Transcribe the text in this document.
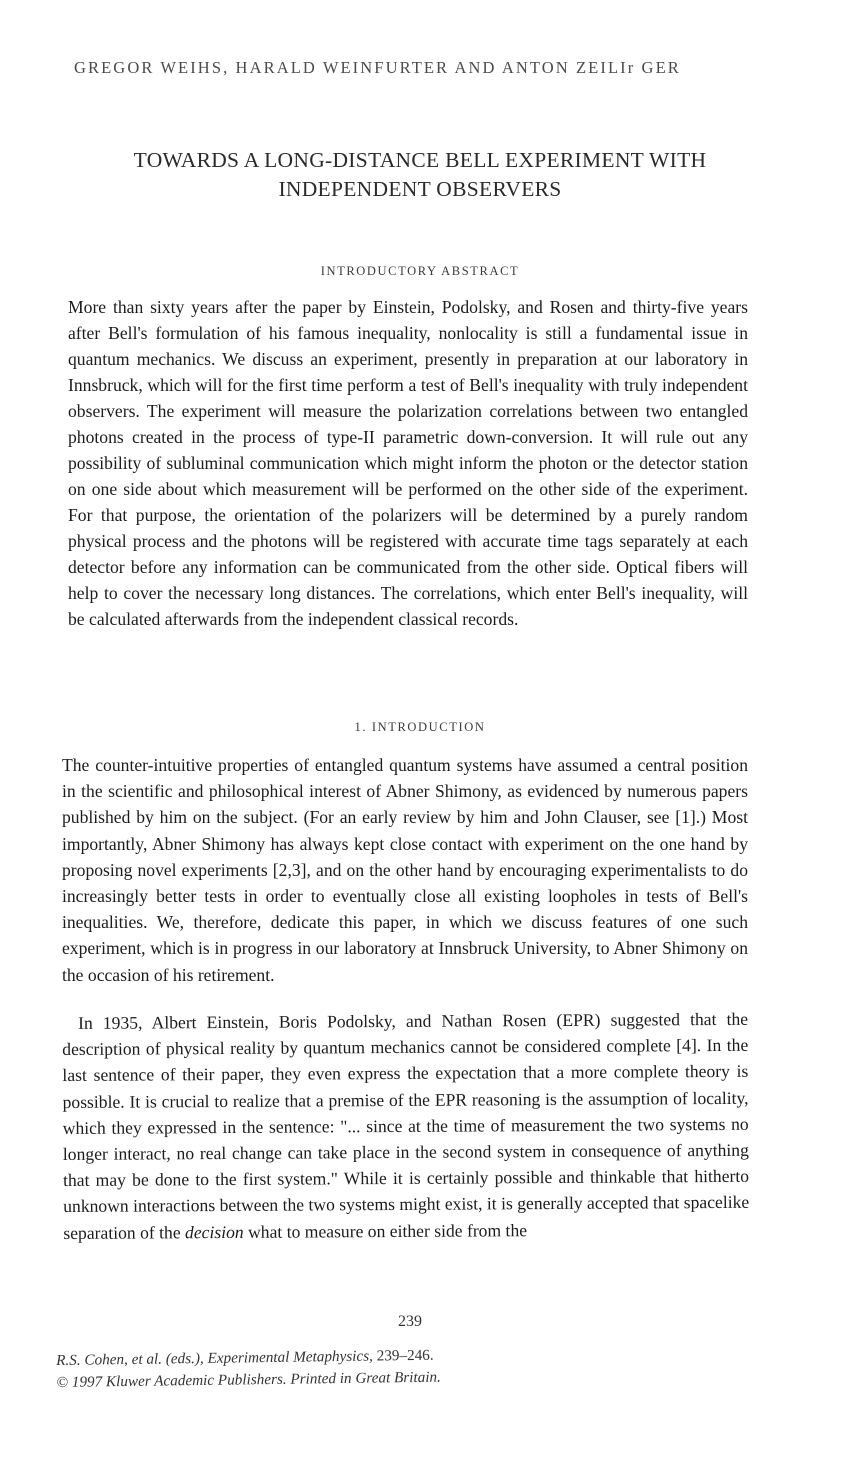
GREGOR WEIHS, HARALD WEINFURTER AND ANTON ZEILIr GER
TOWARDS A LONG-DISTANCE BELL EXPERIMENT WITH
INDEPENDENT OBSERVERS
INTRODUCTORY ABSTRACT

More than sixty years after the paper by Einstein, Podolsky, and Rosen and thirty-five years after Bell's formulation of his famous inequality, nonlocality is still a fundamental issue in quantum mechanics. We discuss an experiment, presently in preparation at our laboratory in Innsbruck, which will for the first time perform a test of Bell's inequality with truly independent observers. The experiment will measure the polarization correlations between two entangled photons created in the process of type-II parametric down-conversion. It will rule out any possibility of subluminal communication which might inform the photon or the detector station on one side about which measurement will be performed on the other side of the experiment. For that purpose, the orientation of the polarizers will be determined by a purely random physical process and the photons will be registered with accurate time tags separately at each detector before any information can be communicated from the other side. Optical fibers will help to cover the necessary long distances. The correlations, which enter Bell's inequality, will be calculated afterwards from the independent classical records.

1. INTRODUCTION

The counter-intuitive properties of entangled quantum systems have assumed a central position in the scientific and philosophical interest of Abner Shimony, as evidenced by numerous papers published by him on the subject. (For an early review by him and John Clauser, see [1].) Most importantly, Abner Shimony has always kept close contact with experiment on the one hand by proposing novel experiments [2,3], and on the other hand by encouraging experimentalists to do increasingly better tests in order to eventually close all existing loopholes in tests of Bell's inequalities. We, therefore, dedicate this paper, in which we discuss features of one such experiment, which is in progress in our laboratory at Innsbruck University, to Abner Shimony on the occasion of his retirement.

In 1935, Albert Einstein, Boris Podolsky, and Nathan Rosen (EPR) suggested that the description of physical reality by quantum mechanics cannot be considered complete [4]. In the last sentence of their paper, they even express the expectation that a more complete theory is possible. It is crucial to realize that a premise of the EPR reasoning is the assumption of locality, which they expressed in the sentence: "... since at the time of measurement the two systems no longer interact, no real change can take place in the second system in consequence of anything that may be done to the first system." While it is certainly possible and thinkable that hitherto unknown interactions between the two systems might exist, it is generally accepted that spacelike separation of the decision what to measure on either side from the

239
R.S. Cohen, et al. (eds.), Experimental Metaphysics, 239–246.
© 1997 Kluwer Academic Publishers. Printed in Great Britain.
